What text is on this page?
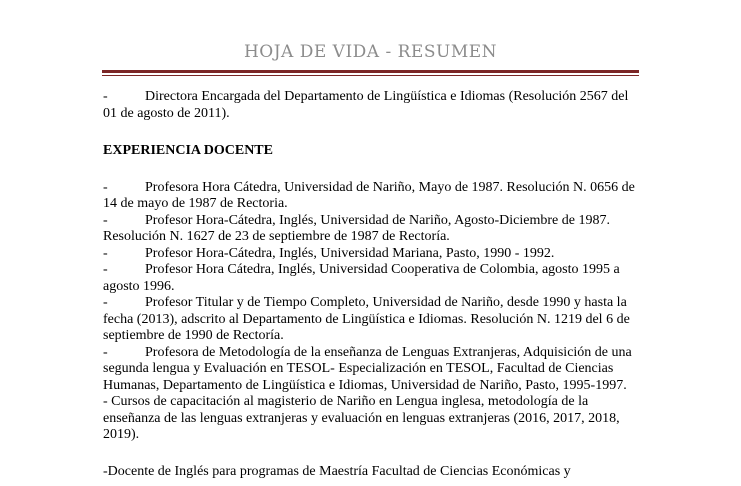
HOJA DE VIDA - RESUMEN

-	Directora Encargada del Departamento de Lingüística e Idiomas (Resolución 2567 del 01 de agosto de 2011).

EXPERIENCIA DOCENTE

-	Profesora Hora Cátedra, Universidad de Nariño, Mayo de 1987. Resolución N. 0656 de 14 de mayo de 1987 de Rectoria.

-	Profesor Hora-Cátedra, Inglés, Universidad de Nariño, Agosto-Diciembre de 1987. Resolución N. 1627 de 23 de septiembre de 1987 de Rectoría.

-	Profesor Hora-Cátedra, Inglés, Universidad Mariana, Pasto, 1990 - 1992.

-	Profesor Hora Cátedra, Inglés, Universidad Cooperativa de Colombia, agosto 1995 a agosto 1996.

-	Profesor Titular y de Tiempo Completo, Universidad de Nariño, desde 1990 y hasta la fecha (2013), adscrito al Departamento de Lingüística e Idiomas. Resolución N. 1219 del 6 de septiembre de 1990 de Rectoría.

-	Profesora de Metodología de la enseñanza de Lenguas Extranjeras, Adquisición de una segunda lengua y Evaluación en TESOL- Especialización en TESOL, Facultad de Ciencias Humanas, Departamento de Lingüística e Idiomas, Universidad de Nariño, Pasto, 1995-1997.

- Cursos de capacitación al magisterio de Nariño en Lengua inglesa, metodología de la enseñanza de las lenguas extranjeras y evaluación en lenguas extranjeras (2016, 2017, 2018, 2019).

-Docente de Inglés para programas de Maestría Facultad de Ciencias Económicas y
